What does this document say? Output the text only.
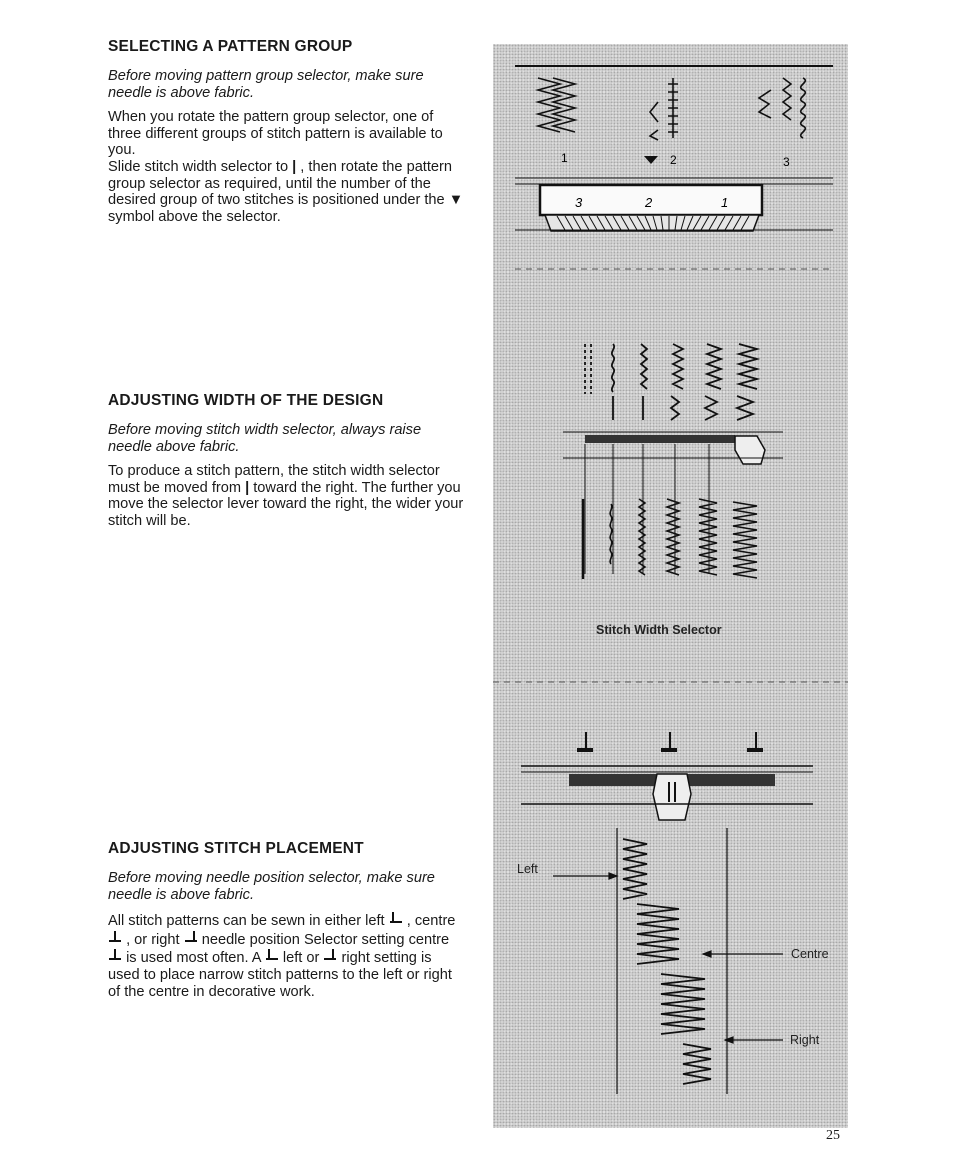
SELECTING A PATTERN GROUP

Before moving pattern group selector, make sure needle is above fabric.

When you rotate the pattern group selector, one of three different groups of stitch pattern is available to you.

Slide stitch width selector to | , then rotate the pattern group selector as required, until the number of the desired group of two stitches is positioned under the ▼ symbol above the selector.

ADJUSTING WIDTH OF THE DESIGN

Before moving stitch width selector, always raise needle above fabric.

To produce a stitch pattern, the stitch width selector must be moved from | toward the right. The further you move the selector lever toward the right, the wider your stitch will be.

ADJUSTING STITCH PLACEMENT

Before moving needle position selector, make sure needle is above fabric.

All stitch patterns can be sewn in either left , centre  , or right needle position Selector setting centre  is used most often. A left or right setting is used to place narrow stitch patterns to the left or right of the centre in decorative work.

1	2	3
3	2	1
Stitch Width Selector
Left
Centre
Right
25
